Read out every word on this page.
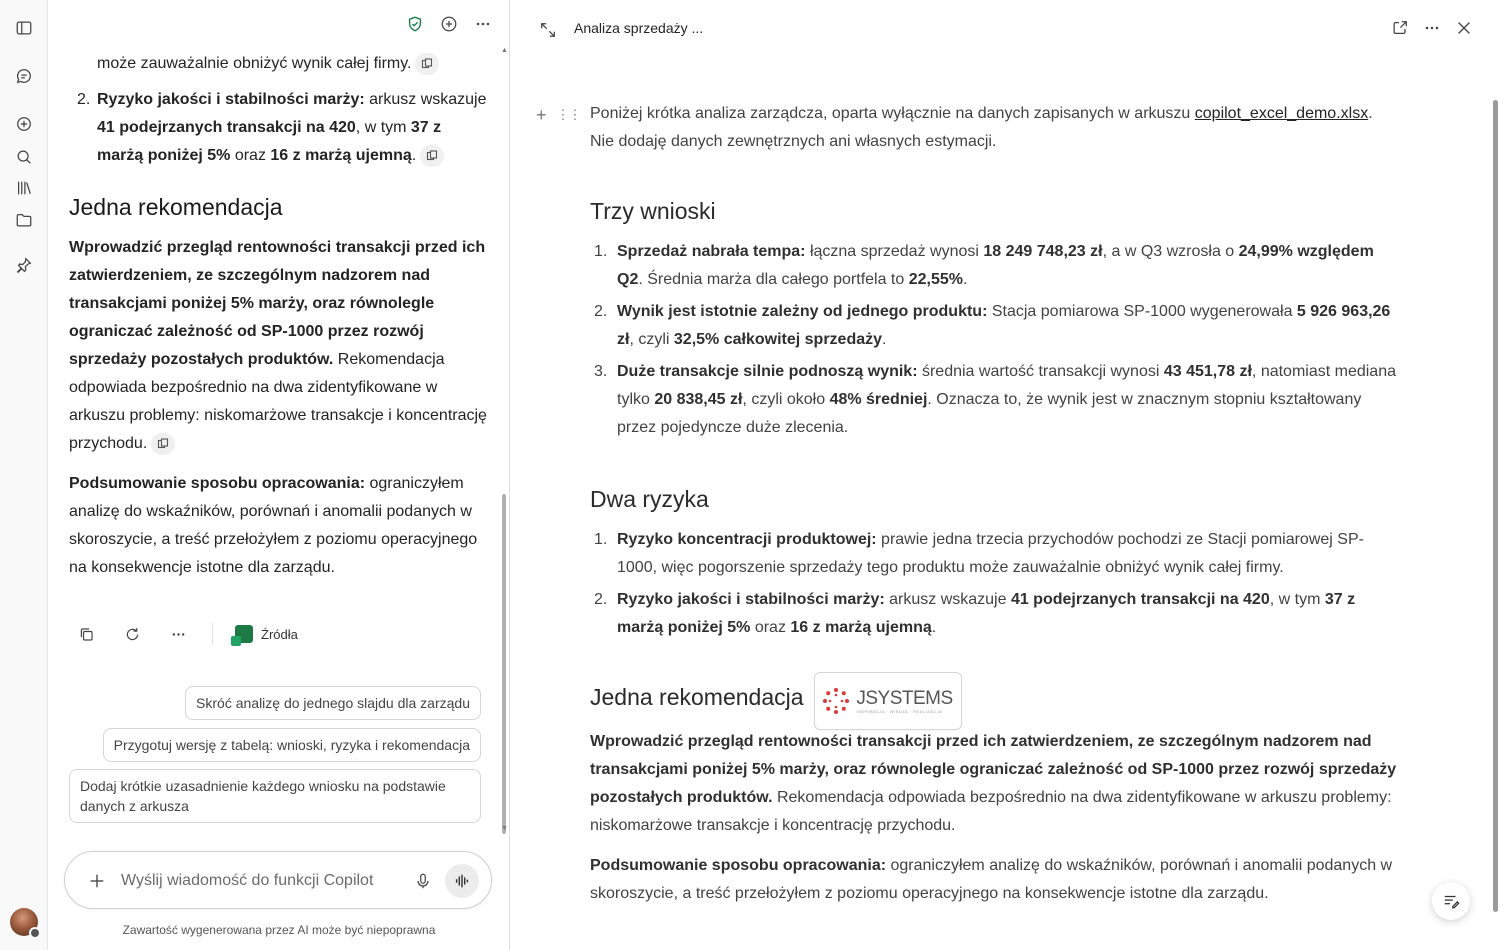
może zauważalnie obniżyć wynik całej firmy.
2. Ryzyko jakości i stabilności marży: arkusz wskazuje 41 podejrzanych transakcji na 420, w tym 37 z marżą poniżej 5% oraz 16 z marżą ujemną.
Jedna rekomendacja

Wprowadzić przegląd rentowności transakcji przed ich zatwierdzeniem, ze szczególnym nadzorem nad transakcjami poniżej 5% marży, oraz równolegle ograniczać zależność od SP-1000 przez rozwój sprzedaży pozostałych produktów. Rekomendacja odpowiada bezpośrednio na dwa zidentyfikowane w arkuszu problemy: niskomarżowe transakcje i koncentrację przychodu.

Podsumowanie sposobu opracowania: ograniczyłem analizę do wskaźników, porównań i anomalii podanych w skoroszycie, a treść przełożyłem z poziomu operacyjnego na konsekwencje istotne dla zarządu.

▲
▼
Źródła
Skróć analizę do jednego slajdu dla zarządu
Przygotuj wersję z tabelą: wnioski, ryzyka i rekomendacja
Dodaj krótkie uzasadnienie każdego wniosku na podstawie danych z arkusza
Wyślij wiadomość do funkcji Copilot
Zawartość wygenerowana przez AI może być niepoprawna
Analiza sprzedaży ...
+ ⋮⋮ Poniżej krótka analiza zarządcza, oparta wyłącznie na danych zapisanych w arkuszu copilot_excel_demo.xlsx. Nie dodaję danych zewnętrznych ani własnych estymacji.

Trzy wnioski
1. Sprzedaż nabrała tempa: łączna sprzedaż wynosi 18 249 748,23 zł, a w Q3 wzrosła o 24,99% względem Q2. Średnia marża dla całego portfela to 22,55%.
2. Wynik jest istotnie zależny od jednego produktu: Stacja pomiarowa SP-1000 wygenerowała 5 926 963,26 zł, czyli 32,5% całkowitej sprzedaży.
3. Duże transakcje silnie podnoszą wynik: średnia wartość transakcji wynosi 43 451,78 zł, natomiast mediana tylko 20 838,45 zł, czyli około 48% średniej. Oznacza to, że wynik jest w znacznym stopniu kształtowany przez pojedyncze duże zlecenia.
Dwa ryzyka
1. Ryzyko koncentracji produktowej: prawie jedna trzecia przychodów pochodzi ze Stacji pomiarowej SP-1000, więc pogorszenie sprzedaży tego produktu może zauważalnie obniżyć wynik całej firmy.
2. Ryzyko jakości i stabilności marży: arkusz wskazuje 41 podejrzanych transakcji na 420, w tym 37 z marżą poniżej 5% oraz 16 z marżą ujemną.
Jedna rekomendacja	JSYSTEMS
INSPIRACJA · WIEDZA · REALIZACJA

Wprowadzić przegląd rentowności transakcji przed ich zatwierdzeniem, ze szczególnym nadzorem nad transakcjami poniżej 5% marży, oraz równolegle ograniczać zależność od SP-1000 przez rozwój sprzedaży pozostałych produktów. Rekomendacja odpowiada bezpośrednio na dwa zidentyfikowane w arkuszu problemy: niskomarżowe transakcje i koncentrację przychodu.

Podsumowanie sposobu opracowania: ograniczyłem analizę do wskaźników, porównań i anomalii podanych w skoroszycie, a treść przełożyłem z poziomu operacyjnego na konsekwencje istotne dla zarządu.
